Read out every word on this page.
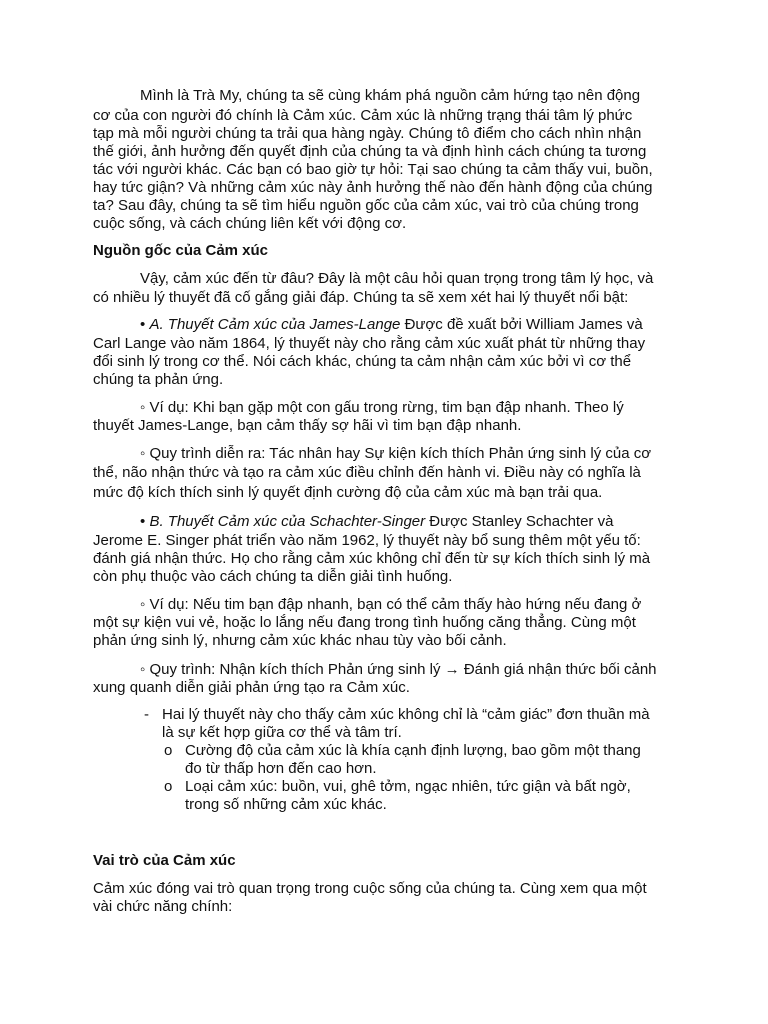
Mình là Trà My, chúng ta sẽ cùng khám phá nguồn cảm hứng tạo nên động
cơ của con người đó chính là Cảm xúc. Cảm xúc là những trạng thái tâm lý phức
tạp mà mỗi người chúng ta trải qua hàng ngày. Chúng tô điểm cho cách nhìn nhận
thế giới, ảnh hưởng đến quyết định của chúng ta và định hình cách chúng ta tương
tác với người khác. Các bạn có bao giờ tự hỏi: Tại sao chúng ta cảm thấy vui, buồn,
hay tức giận? Và những cảm xúc này ảnh hưởng thế nào đến hành động của chúng
ta? Sau đây, chúng ta sẽ tìm hiểu nguồn gốc của cảm xúc, vai trò của chúng trong
cuộc sống, và cách chúng liên kết với động cơ.
Nguồn gốc của Cảm xúc
Vậy, cảm xúc đến từ đâu? Đây là một câu hỏi quan trọng trong tâm lý học, và
có nhiều lý thuyết đã cố gắng giải đáp. Chúng ta sẽ xem xét hai lý thuyết nổi bật:
• A. Thuyết Cảm xúc của James-Lange Được đề xuất bởi William James và
Carl Lange vào năm 1864, lý thuyết này cho rằng cảm xúc xuất phát từ những thay
đổi sinh lý trong cơ thể. Nói cách khác, chúng ta cảm nhận cảm xúc bởi vì cơ thể
chúng ta phản ứng.
◦ Ví dụ: Khi bạn gặp một con gấu trong rừng, tim bạn đập nhanh. Theo lý
thuyết James-Lange, bạn cảm thấy sợ hãi vì tim bạn đập nhanh.
◦ Quy trình diễn ra: Tác nhân hay Sự kiện kích thích Phản ứng sinh lý của cơ
thể, não nhận thức và tạo ra cảm xúc điều chỉnh đến hành vi. Điều này có nghĩa là
mức độ kích thích sinh lý quyết định cường độ của cảm xúc mà bạn trải qua.
• B. Thuyết Cảm xúc của Schachter-Singer Được Stanley Schachter và
Jerome E. Singer phát triển vào năm 1962, lý thuyết này bổ sung thêm một yếu tố:
đánh giá nhận thức. Họ cho rằng cảm xúc không chỉ đến từ sự kích thích sinh lý mà
còn phụ thuộc vào cách chúng ta diễn giải tình huống.
◦ Ví dụ: Nếu tim bạn đập nhanh, bạn có thể cảm thấy hào hứng nếu đang ở
một sự kiện vui vẻ, hoặc lo lắng nếu đang trong tình huống căng thẳng. Cùng một
phản ứng sinh lý, nhưng cảm xúc khác nhau tùy vào bối cảnh.
◦ Quy trình: Nhận kích thích Phản ứng sinh lý → Đánh giá nhận thức bối cảnh
xung quanh diễn giải phản ứng tạo ra Cảm xúc.
- Hai lý thuyết này cho thấy cảm xúc không chỉ là “cảm giác” đơn thuần mà
là sự kết hợp giữa cơ thể và tâm trí.
o Cường độ của cảm xúc là khía cạnh định lượng, bao gồm một thang
đo từ thấp hơn đến cao hơn.
o Loại cảm xúc: buồn, vui, ghê tởm, ngạc nhiên, tức giận và bất ngờ,
trong số những cảm xúc khác.
Vai trò của Cảm xúc
Cảm xúc đóng vai trò quan trọng trong cuộc sống của chúng ta. Cùng xem qua một
vài chức năng chính:
